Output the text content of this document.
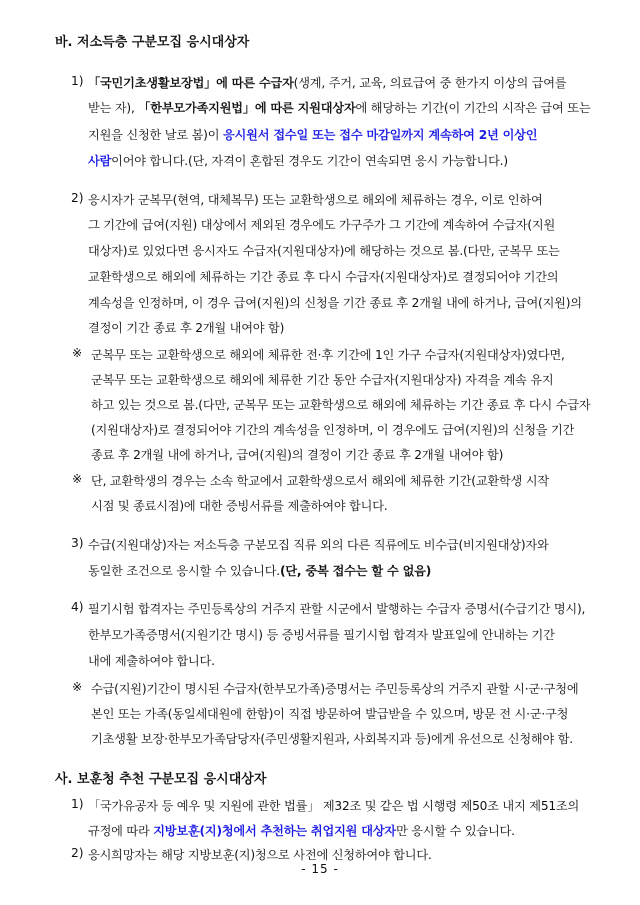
바. 저소득층 구분모집 응시대상자
1) 「국민기초생활보장법」에 따른 수급자(생계, 주거, 교육, 의료급여 중 한가지 이상의 급여를
받는 자), 「한부모가족지원법」에 따른 지원대상자에 해당하는 기간(이 기간의 시작은 급여 또는
지원을 신청한 날로 봄)이 응시원서 접수일 또는 접수 마감일까지 계속하여 2년 이상인
사람이어야 합니다.(단, 자격이 혼합된 경우도 기간이 연속되면 응시 가능합니다.)
2) 응시자가 군복무(현역, 대체복무) 또는 교환학생으로 해외에 체류하는 경우, 이로 인하여
그 기간에 급여(지원) 대상에서 제외된 경우에도 가구주가 그 기간에 계속하여 수급자(지원
대상자)로 있었다면 응시자도 수급자(지원대상자)에 해당하는 것으로 봄.(다만, 군복무 또는
교환학생으로 해외에 체류하는 기간 종료 후 다시 수급자(지원대상자)로 결정되어야 기간의
계속성을 인정하며, 이 경우 급여(지원)의 신청을 기간 종료 후 2개월 내에 하거나, 급여(지원)의
결정이 기간 종료 후 2개월 내여야 함)
※ 군복무 또는 교환학생으로 해외에 체류한 전·후 기간에 1인 가구 수급자(지원대상자)였다면,
군복무 또는 교환학생으로 해외에 체류한 기간 동안 수급자(지원대상자) 자격을 계속 유지
하고 있는 것으로 봄.(다만, 군복무 또는 교환학생으로 해외에 체류하는 기간 종료 후 다시 수급자
(지원대상자)로 결정되어야 기간의 계속성을 인정하며, 이 경우에도 급여(지원)의 신청을 기간
종료 후 2개월 내에 하거나, 급여(지원)의 결정이 기간 종료 후 2개월 내여야 함)
※ 단, 교환학생의 경우는 소속 학교에서 교환학생으로서 해외에 체류한 기간(교환학생 시작
시점 및 종료시점)에 대한 증빙서류를 제출하여야 합니다.
3) 수급(지원대상)자는 저소득층 구분모집 직류 외의 다른 직류에도 비수급(비지원대상)자와
동일한 조건으로 응시할 수 있습니다.(단, 중복 접수는 할 수 없음)
4) 필기시험 합격자는 주민등록상의 거주지 관할 시군에서 발행하는 수급자 증명서(수급기간 명시),
한부모가족증명서(지원기간 명시) 등 증빙서류를 필기시험 합격자 발표일에 안내하는 기간
내에 제출하여야 합니다.
※ 수급(지원)기간이 명시된 수급자(한부모가족)증명서는 주민등록상의 거주지 관할 시·군·구청에
본인 또는 가족(동일세대원에 한함)이 직접 방문하여 발급받을 수 있으며, 방문 전 시·군·구청
기초생활 보장·한부모가족담당자(주민생활지원과, 사회복지과 등)에게 유선으로 신청해야 함.
사. 보훈청 추천 구분모집 응시대상자
1) 「국가유공자 등 예우 및 지원에 관한 법률」 제32조 및 같은 법 시행령 제50조 내지 제51조의
규정에 따라 지방보훈(지)청에서 추천하는 취업지원 대상자만 응시할 수 있습니다.
2) 응시희망자는 해당 지방보훈(지)청으로 사전에 신청하여야 합니다.
- 15 -
